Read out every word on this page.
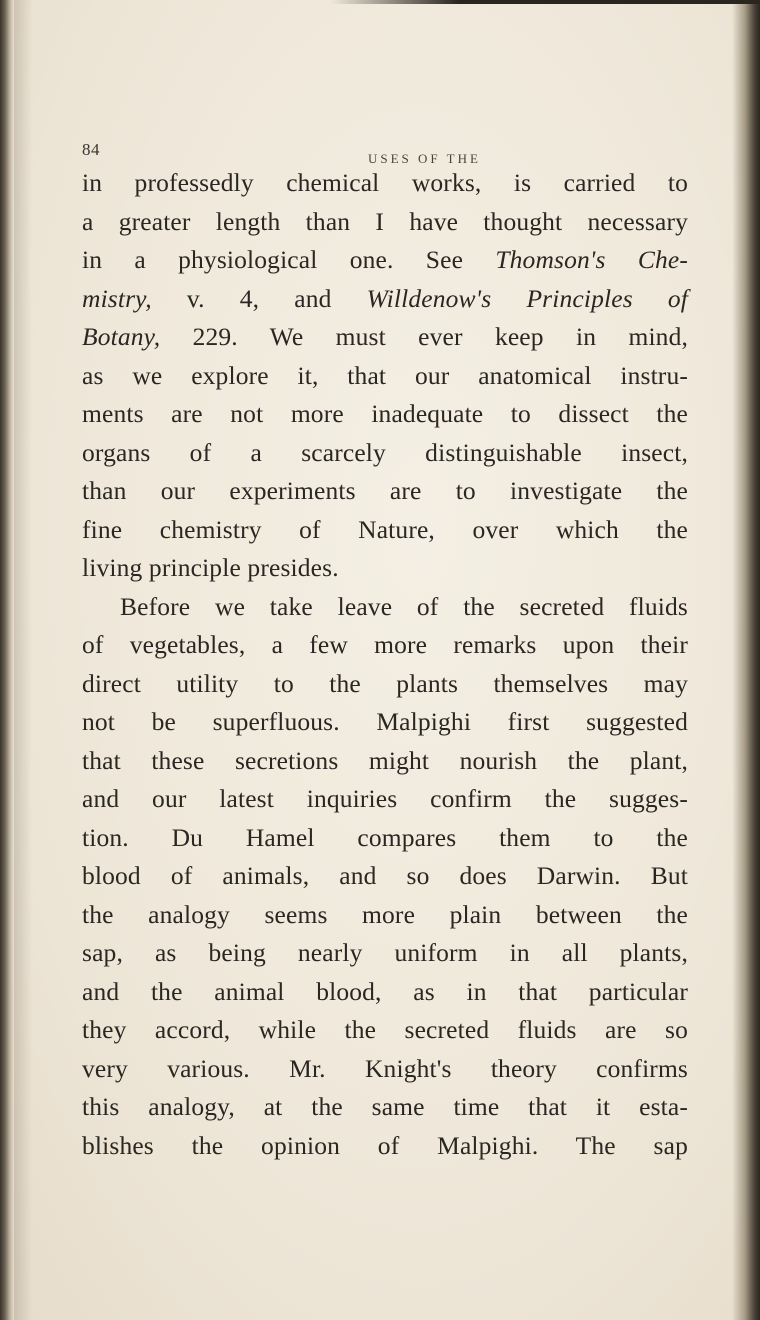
84	USES OF THE
in professedly chemical works, is carried to
a greater length than I have thought necessary
in a physiological one. See Thomson's Che-
mistry, v. 4, and Willdenow's Principles of
Botany, 229. We must ever keep in mind,
as we explore it, that our anatomical instru-
ments are not more inadequate to dissect the
organs of a scarcely distinguishable insect,
than our experiments are to investigate the
fine chemistry of Nature, over which the
living principle presides.
Before we take leave of the secreted fluids
of vegetables, a few more remarks upon their
direct utility to the plants themselves may
not be superfluous. Malpighi first suggested
that these secretions might nourish the plant,
and our latest inquiries confirm the sugges-
tion. Du Hamel compares them to the
blood of animals, and so does Darwin. But
the analogy seems more plain between the
sap, as being nearly uniform in all plants,
and the animal blood, as in that particular
they accord, while the secreted fluids are so
very various. Mr. Knight's theory confirms
this analogy, at the same time that it esta-
blishes the opinion of Malpighi. The sap
